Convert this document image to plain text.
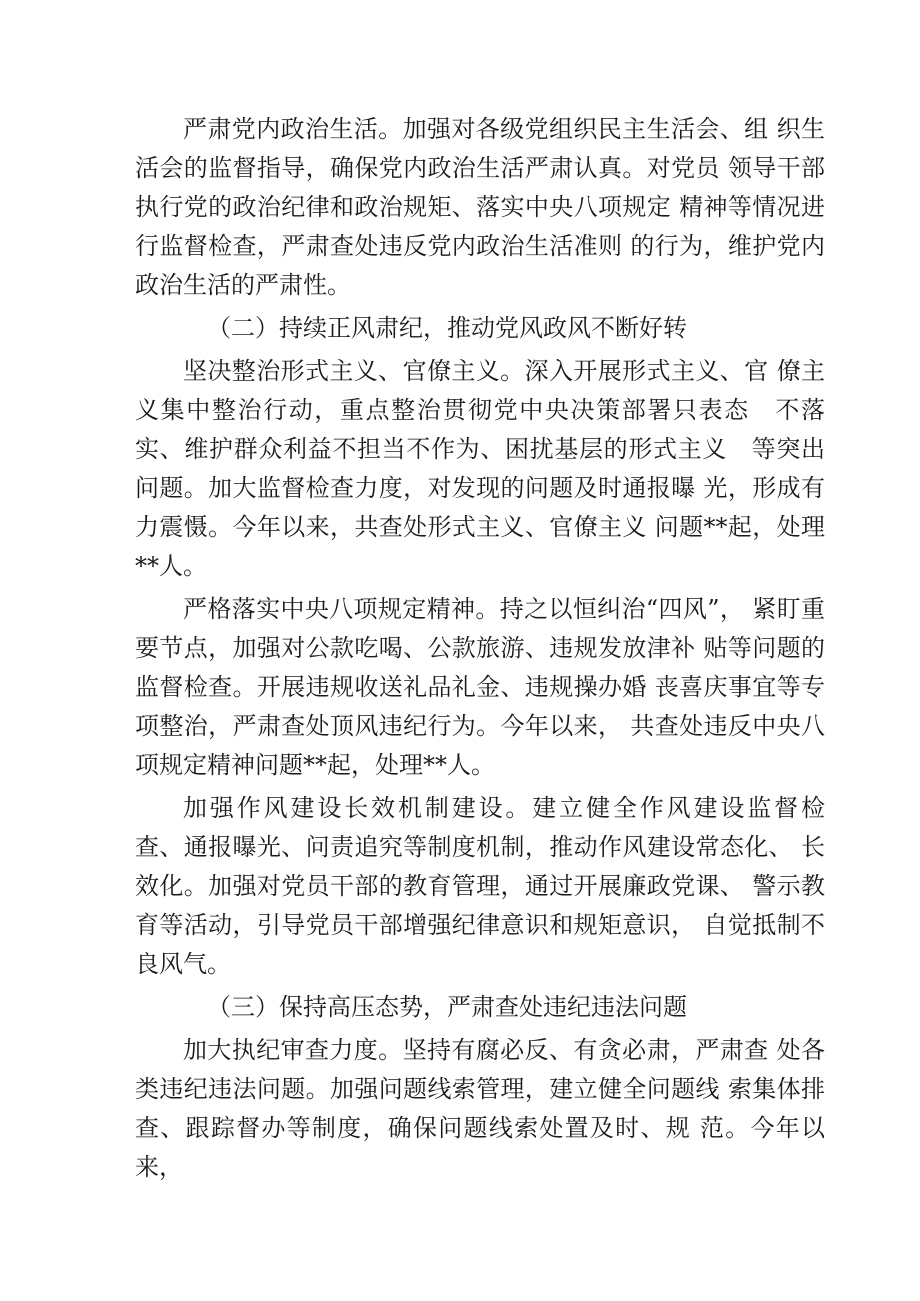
严肃党内政治生活。加强对各级党组织民主生活会、组 织生活会的监督指导，确保党内政治生活严肃认真。对党员 领导干部执行党的政治纪律和政治规矩、落实中央八项规定 精神等情况进行监督检查，严肃查处违反党内政治生活准则 的行为，维护党内政治生活的严肃性。

（二）持续正风肃纪，推动党风政风不断好转

坚决整治形式主义、官僚主义。深入开展形式主义、官 僚主义集中整治行动，重点整治贯彻党中央决策部署只表态　不落实、维护群众利益不担当不作为、困扰基层的形式主义　等突出问题。加大监督检查力度，对发现的问题及时通报曝 光，形成有力震慑。今年以来，共查处形式主义、官僚主义 问题**起，处理**人。

严格落实中央八项规定精神。持之以恒纠治“四风”， 紧盯重要节点，加强对公款吃喝、公款旅游、违规发放津补 贴等问题的监督检查。开展违规收送礼品礼金、违规操办婚 丧喜庆事宜等专项整治，严肃查处顶风违纪行为。今年以来， 共查处违反中央八项规定精神问题**起，处理**人。

加强作风建设长效机制建设。建立健全作风建设监督检　查、通报曝光、问责追究等制度机制，推动作风建设常态化、 长效化。加强对党员干部的教育管理，通过开展廉政党课、 警示教育等活动，引导党员干部增强纪律意识和规矩意识， 自觉抵制不良风气。

（三）保持高压态势，严肃查处违纪违法问题

加大执纪审查力度。坚持有腐必反、有贪必肃，严肃查 处各类违纪违法问题。加强问题线索管理，建立健全问题线 索集体排查、跟踪督办等制度，确保问题线索处置及时、规 范。今年以来，
